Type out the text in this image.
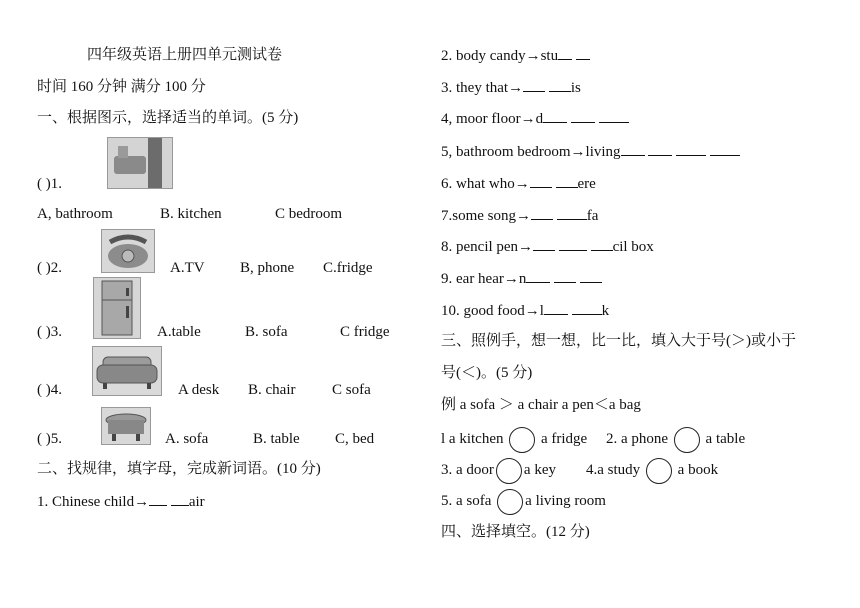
四年级英语上册四单元测试卷
时间 160 分钟 满分 100 分
一、根据图示，选择适当的单词。(5 分)
( )1.
A, bathroom	B. kitchen	C bedroom
( )2.	A.TV B, phone C.fridge
( )3.	A.table	B. sofa	C fridge
( )4.	A desk B. chair C sofa
( )5.	A. sofa	B. table C, bed
二、找规律，填字母，完成新词语。(10 分)
1. Chinese child→	air
2. body candy→stu
3. they that→	is
4, moor floor→d
5, bathroom bedroom→living
6. what who→	ere
7.some song→	fa
8. pencil pen→	cil box
9. ear hear→n
10. good food→l	k
三、照例手，想一想，比一比，填入大于号(＞)或小于
号(＜)。(5 分)
例 a sofa ＞ a chair a pen＜a bag
l a kitchen	a fridge 2. a phone	a table
3. a door a key 4.a study	a book
5. a sofa a living room
四、选择填空。(12 分)
